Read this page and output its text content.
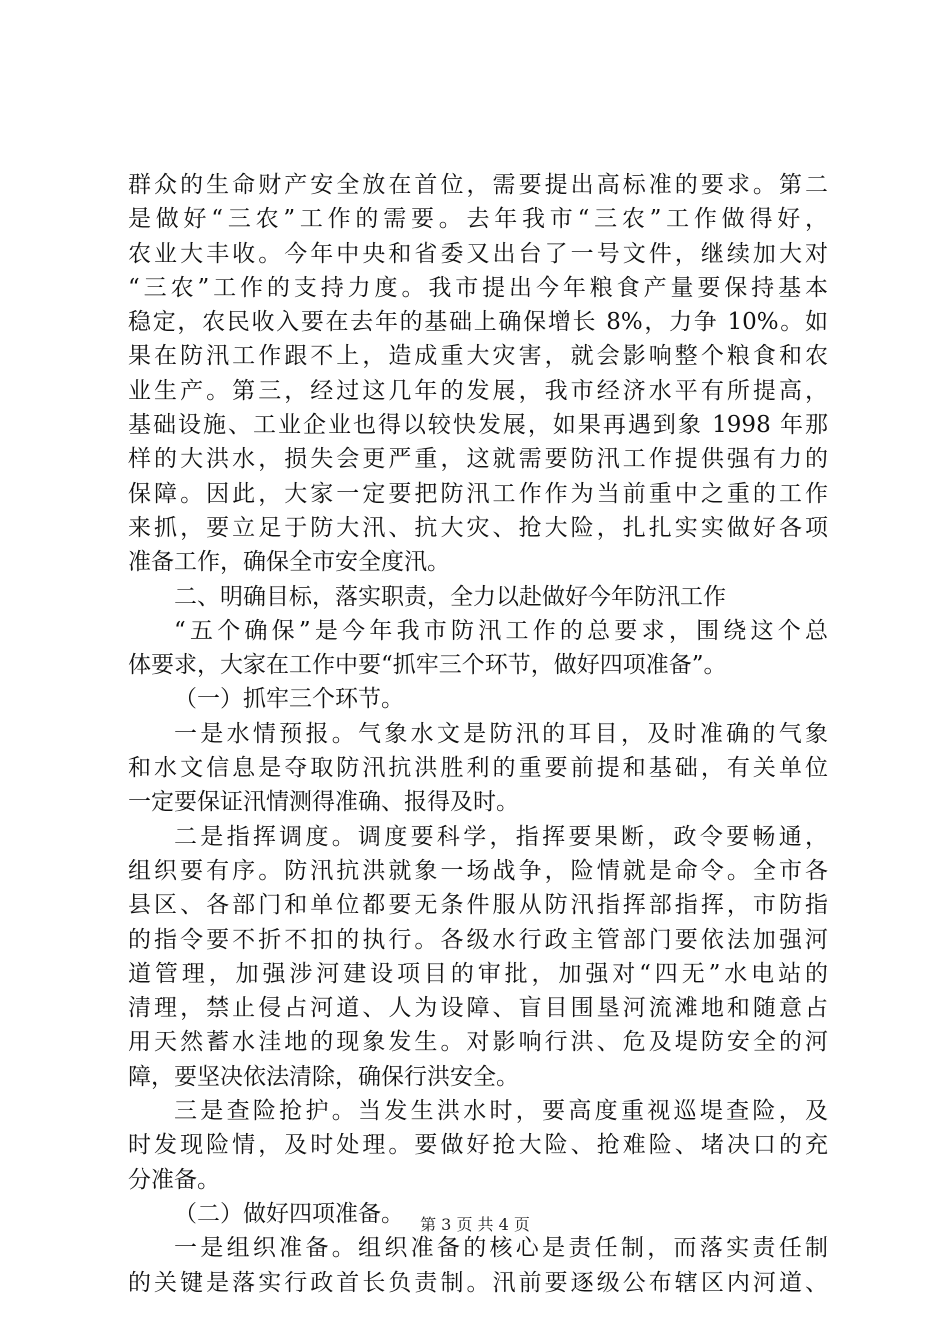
群众的生命财产安全放在首位，需要提出高标准的要求。第二
是做好“三农”工作的需要。去年我市“三农”工作做得好，
农业大丰收。今年中央和省委又出台了一号文件，继续加大对
“三农”工作的支持力度。我市提出今年粮食产量要保持基本
稳定，农民收入要在去年的基础上确保增长 8%，力争 10%。如
果在防汛工作跟不上，造成重大灾害，就会影响整个粮食和农
业生产。第三，经过这几年的发展，我市经济水平有所提高，
基础设施、工业企业也得以较快发展，如果再遇到象 1998 年那
样的大洪水，损失会更严重，这就需要防汛工作提供强有力的
保障。因此，大家一定要把防汛工作作为当前重中之重的工作
来抓，要立足于防大汛、抗大灾、抢大险，扎扎实实做好各项
准备工作，确保全市安全度汛。
二、明确目标，落实职责，全力以赴做好今年防汛工作
“五个确保”是今年我市防汛工作的总要求，围绕这个总
体要求，大家在工作中要“抓牢三个环节，做好四项准备”。
（一）抓牢三个环节。
一是水情预报。气象水文是防汛的耳目，及时准确的气象
和水文信息是夺取防汛抗洪胜利的重要前提和基础，有关单位
一定要保证汛情测得准确、报得及时。
二是指挥调度。调度要科学，指挥要果断，政令要畅通，
组织要有序。防汛抗洪就象一场战争，险情就是命令。全市各
县区、各部门和单位都要无条件服从防汛指挥部指挥，市防指
的指令要不折不扣的执行。各级水行政主管部门要依法加强河
道管理，加强涉河建设项目的审批，加强对“四无”水电站的
清理，禁止侵占河道、人为设障、盲目围垦河流滩地和随意占
用天然蓄水洼地的现象发生。对影响行洪、危及堤防安全的河
障，要坚决依法清除，确保行洪安全。
三是查险抢护。当发生洪水时，要高度重视巡堤查险，及
时发现险情，及时处理。要做好抢大险、抢难险、堵决口的充
分准备。
（二）做好四项准备。
一是组织准备。组织准备的核心是责任制，而落实责任制
的关键是落实行政首长负责制。汛前要逐级公布辖区内河道、
第 3 页 共 4 页
